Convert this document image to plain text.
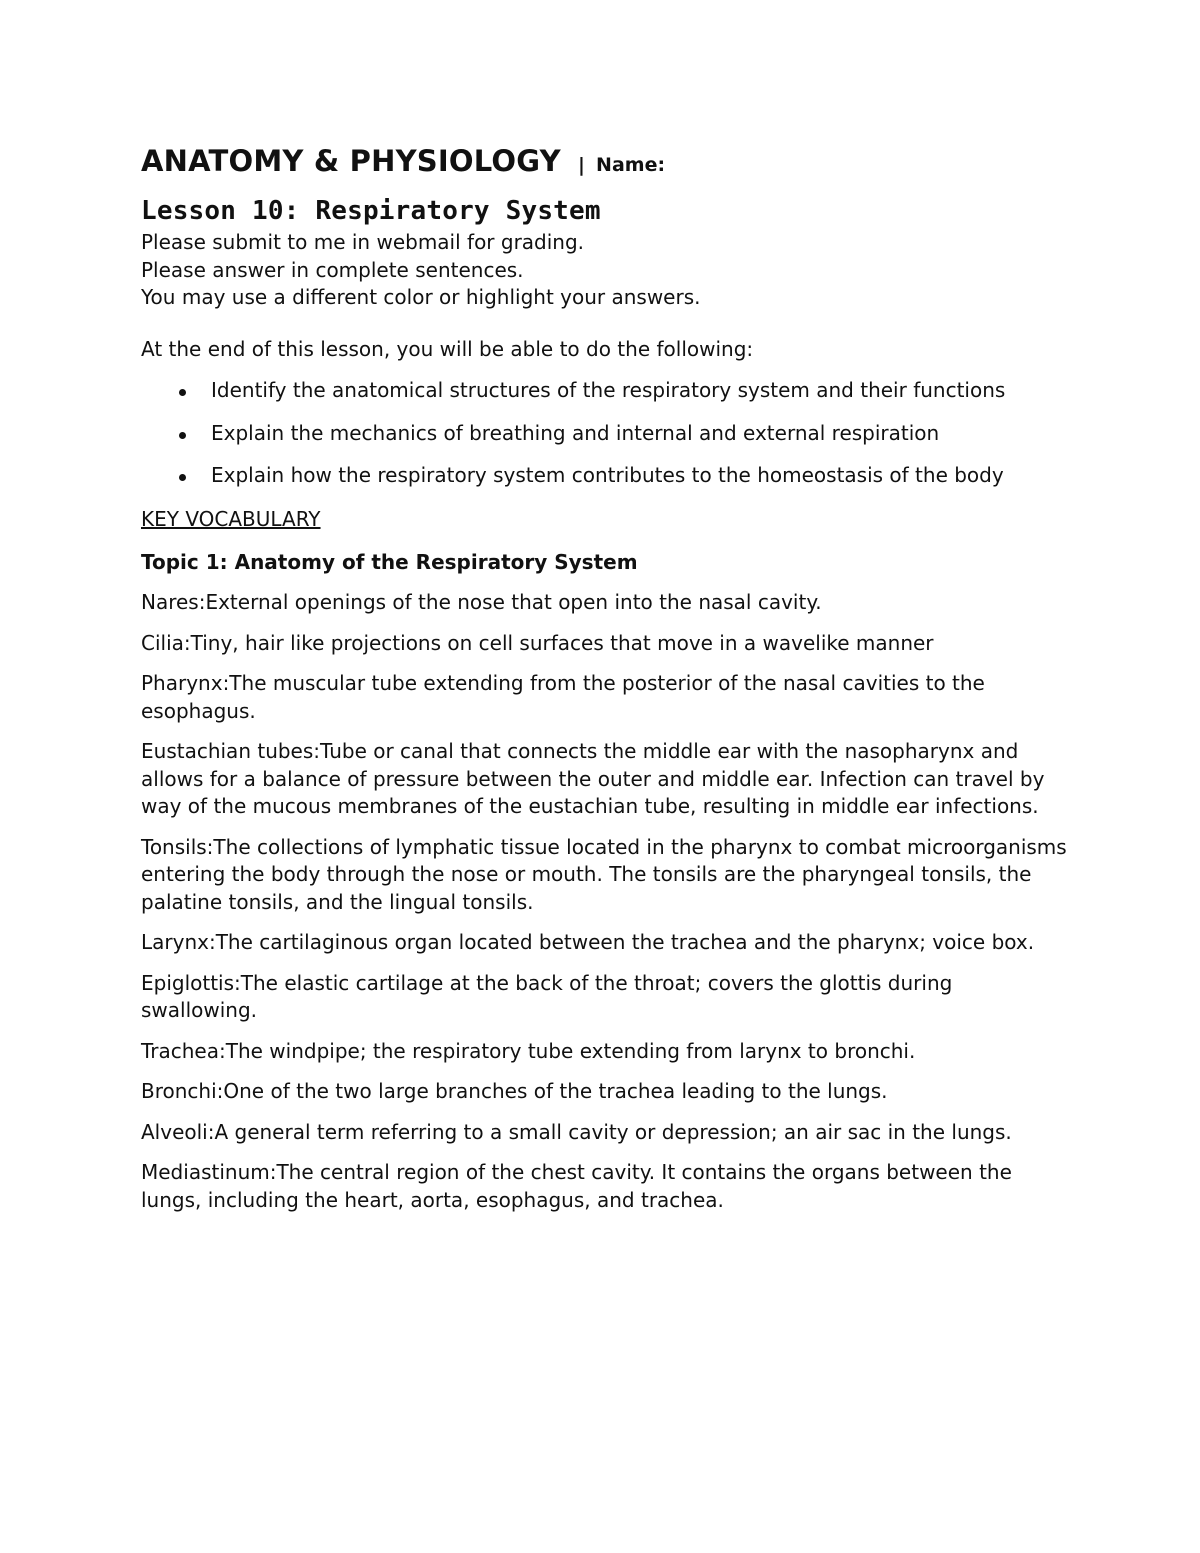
ANATOMY & PHYSIOLOGY | Name:
Lesson 10: Respiratory System

Please submit to me in webmail for grading.

Please answer in complete sentences.

You may use a different color or highlight your answers.

At the end of this lesson, you will be able to do the following:

Identify the anatomical structures of the respiratory system and their functions
Explain the mechanics of breathing and internal and external respiration
Explain how the respiratory system contributes to the homeostasis of the body

KEY VOCABULARY

Topic 1: Anatomy of the Respiratory System

Nares:External openings of the nose that open into the nasal cavity.

Cilia:Tiny, hair like projections on cell surfaces that move in a wavelike manner

Pharynx:The muscular tube extending from the posterior of the nasal cavities to the esophagus.

Eustachian tubes:Tube or canal that connects the middle ear with the nasopharynx and allows for a balance of pressure between the outer and middle ear. Infection can travel by way of the mucous membranes of the eustachian tube, resulting in middle ear infections.

Tonsils:The collections of lymphatic tissue located in the pharynx to combat microorganisms entering the body through the nose or mouth. The tonsils are the pharyngeal tonsils, the palatine tonsils, and the lingual tonsils.

Larynx:The cartilaginous organ located between the trachea and the pharynx; voice box.

Epiglottis:The elastic cartilage at the back of the throat; covers the glottis during swallowing.

Trachea:The windpipe; the respiratory tube extending from larynx to bronchi.

Bronchi:One of the two large branches of the trachea leading to the lungs.

Alveoli:A general term referring to a small cavity or depression; an air sac in the lungs.

Mediastinum:The central region of the chest cavity. It contains the organs between the lungs, including the heart, aorta, esophagus, and trachea.
